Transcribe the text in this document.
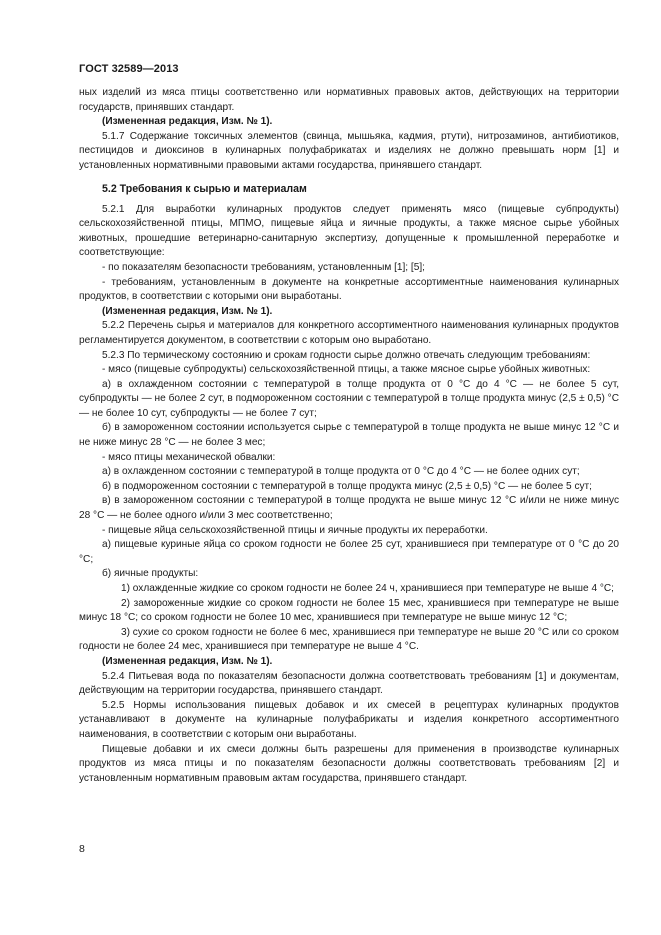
ГОСТ 32589—2013

ных изделий из мяса птицы соответственно или нормативных правовых актов, действующих на территории государств, принявших стандарт.

(Измененная редакция, Изм. № 1).

5.1.7 Содержание токсичных элементов (свинца, мышьяка, кадмия, ртути), нитрозаминов, антибиотиков, пестицидов и диоксинов в кулинарных полуфабрикатах и изделиях не должно превышать норм [1] и установленных нормативными правовыми актами государства, принявшего стандарт.

5.2 Требования к сырью и материалам

5.2.1 Для выработки кулинарных продуктов следует применять мясо (пищевые субпродукты) сельскохозяйственной птицы, МПМО, пищевые яйца и яичные продукты, а также мясное сырье убойных животных, прошедшие ветеринарно-санитарную экспертизу, допущенные к промышленной переработке и соответствующие:

- по показателям безопасности требованиям, установленным [1]; [5];

- требованиям, установленным в документе на конкретные ассортиментные наименования кулинарных продуктов, в соответствии с которыми они выработаны.

(Измененная редакция, Изм. № 1).

5.2.2 Перечень сырья и материалов для конкретного ассортиментного наименования кулинарных продуктов регламентируется документом, в соответствии с которым оно выработано.

5.2.3 По термическому состоянию и срокам годности сырье должно отвечать следующим требованиям:

- мясо (пищевые субпродукты) сельскохозяйственной птицы, а также мясное сырье убойных животных:

а) в охлажденном состоянии с температурой в толще продукта от 0 °С до 4 °С — не более 5 сут, субпродукты — не более 2 сут, в подмороженном состоянии с температурой в толще продукта минус (2,5 ± 0,5) °С — не более 10 сут, субпродукты — не более 7 сут;

б) в замороженном состоянии используется сырье с температурой в толще продукта не выше минус 12 °С и не ниже минус 28 °С — не более 3 мес;

- мясо птицы механической обвалки:

а) в охлажденном состоянии с температурой в толще продукта от 0 °С до 4 °С — не более одних сут;

б) в подмороженном состоянии с температурой в толще продукта минус (2,5 ± 0,5) °С — не более 5 сут;

в) в замороженном состоянии с температурой в толще продукта не выше минус 12 °С и/или не ниже минус 28 °С — не более одного и/или 3 мес соответственно;

- пищевые яйца сельскохозяйственной птицы и яичные продукты их переработки.

а) пищевые куриные яйца со сроком годности не более 25 сут, хранившиеся при температуре от 0 °С до 20 °С;

б) яичные продукты:

1) охлажденные жидкие со сроком годности не более 24 ч, хранившиеся при температуре не выше 4 °С;

2) замороженные жидкие со сроком годности не более 15 мес, хранившиеся при температуре не выше минус 18 °С; со сроком годности не более 10 мес, хранившиеся при температуре не выше минус 12 °С;

3) сухие со сроком годности не более 6 мес, хранившиеся при температуре не выше 20 °С или со сроком годности не более 24 мес, хранившиеся при температуре не выше 4 °С.

(Измененная редакция, Изм. № 1).

5.2.4 Питьевая вода по показателям безопасности должна соответствовать требованиям [1] и документам, действующим на территории государства, принявшего стандарт.

5.2.5 Нормы использования пищевых добавок и их смесей в рецептурах кулинарных продуктов устанавливают в документе на кулинарные полуфабрикаты и изделия конкретного ассортиментного наименования, в соответствии с которым они выработаны.

Пищевые добавки и их смеси должны быть разрешены для применения в производстве кулинарных продуктов из мяса птицы и по показателям безопасности должны соответствовать требованиям [2] и установленным нормативным правовым актам государства, принявшего стандарт.

8
